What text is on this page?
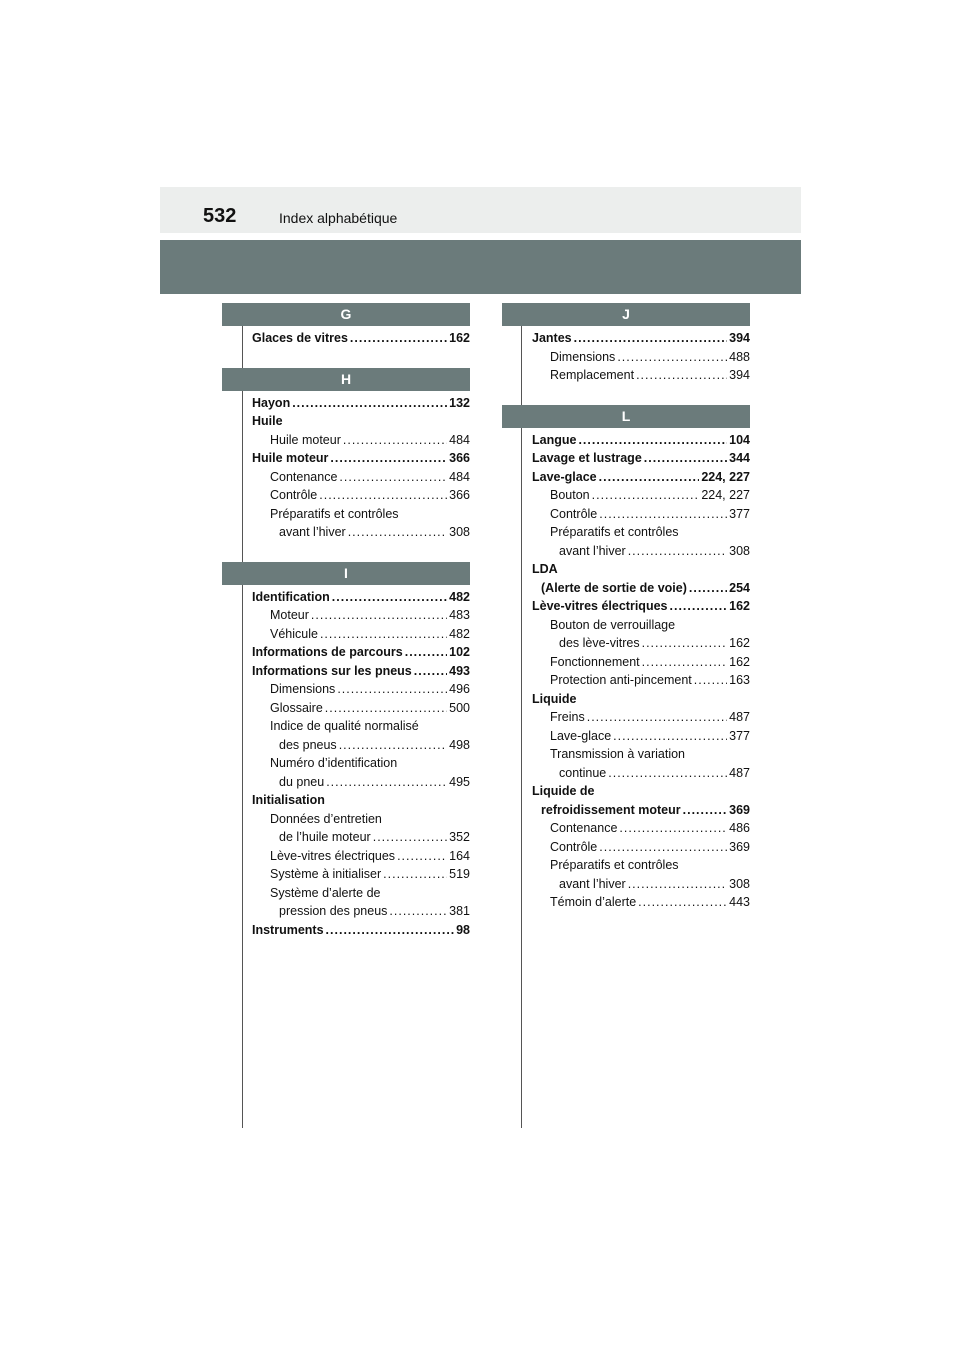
532	Index alphabétique
G
Glaces de vitres .....	162
H
Hayon .....	132
Huile
Huile moteur .....	484
Huile moteur .....	366
Contenance .....	484
Contrôle .....	366
Préparatifs et contrôles
avant l’hiver .....	308
I
Identification .....	482
Moteur .....	483
Véhicule .....	482
Informations de parcours .....	102
Informations sur les pneus .....	493
Dimensions .....	496
Glossaire .....	500
Indice de qualité normalisé
des pneus .....	498
Numéro d’identification
du pneu .....	495
Initialisation
Données d’entretien
de l’huile moteur .....	352
Lève-vitres électriques .....	164
Système à initialiser .....	519
Système d’alerte de
pression des pneus .....	381
Instruments .....	98
J
Jantes .....	394
Dimensions .....	488
Remplacement .....	394
L
Langue .....	104
Lavage et lustrage .....	344
Lave-glace .....	224, 227
Bouton .....	224, 227
Contrôle .....	377
Préparatifs et contrôles
avant l’hiver .....	308
LDA
(Alerte de sortie de voie) .....	254
Lève-vitres électriques .....	162
Bouton de verrouillage
des lève-vitres .....	162
Fonctionnement .....	162
Protection anti-pincement .....	163
Liquide
Freins .....	487
Lave-glace .....	377
Transmission à variation
continue .....	487
Liquide de
refroidissement moteur .....	369
Contenance .....	486
Contrôle .....	369
Préparatifs et contrôles
avant l’hiver .....	308
Témoin d’alerte .....	443
